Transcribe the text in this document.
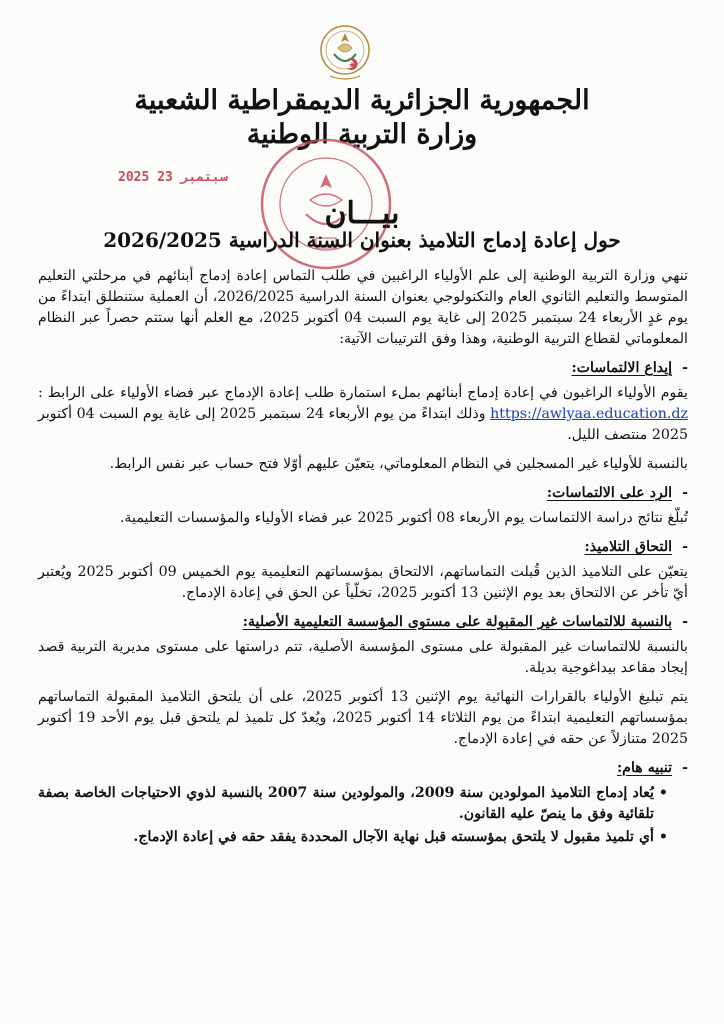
الجمهورية الجزائرية الديمقراطية الشعبية
وزارة التربية الوطنية
2025 سبتمبر 23
بيـــان
حول إعادة إدماج التلاميذ بعنوان السنة الدراسية 2026/2025

تنهي وزارة التربية الوطنية إلى علم الأولياء الراغبين في طلب التماس إعادة إدماج أبنائهم في مرحلتي التعليم المتوسط والتعليم الثانوي العام والتكنولوجي بعنوان السنة الدراسية 2026/2025، أن العملية ستنطلق ابتداءً من يوم غدٍ الأربعاء 24 سبتمبر 2025 إلى غاية يوم السبت 04 أكتوبر 2025، مع العلم أنها ستتم حصراً عبر النظام المعلوماتي لقطاع التربية الوطنية، وهذا وفق الترتيبات الآتية:

-إيداع الالتماسات:

يقوم الأولياء الراغبون في إعادة إدماج أبنائهم بملء استمارة طلب إعادة الإدماج عبر فضاء الأولياء على الرابط : https://awlyaa.education.dz وذلك ابتداءً من يوم الأربعاء 24 سبتمبر 2025 إلى غاية يوم السبت 04 أكتوبر 2025 منتصف الليل.

بالنسبة للأولياء غير المسجلين في النظام المعلوماتي، يتعيّن عليهم أوّلا فتح حساب عبر نفس الرابط.

-الرد على الالتماسات:

تُبلّغ نتائج دراسة الالتماسات يوم الأربعاء 08 أكتوبر 2025 عبر فضاء الأولياء والمؤسسات التعليمية.

-التحاق التلاميذ:

يتعيّن على التلاميذ الذين قُبلت التماساتهم، الالتحاق بمؤسساتهم التعليمية يوم الخميس 09 أكتوبر 2025 ويُعتبر أيّ تأخر عن الالتحاق بعد يوم الإثنين 13 أكتوبر 2025، تخلّياً عن الحق في إعادة الإدماج.

-بالنسبة للالتماسات غير المقبولة على مستوى المؤسسة التعليمية الأصلية:

بالنسبة للالتماسات غير المقبولة على مستوى المؤسسة الأصلية، تتم دراستها على مستوى مديرية التربية قصد إيجاد مقاعد بيداغوجية بديلة.

يتم تبليغ الأولياء بالقرارات النهائية يوم الإثنين 13 أكتوبر 2025، على أن يلتحق التلاميذ المقبولة التماساتهم بمؤسساتهم التعليمية ابتداءً من يوم الثلاثاء 14 أكتوبر 2025، ويُعدّ كل تلميذ لم يلتحق قبل يوم الأحد 19 أكتوبر 2025 متنازلاً عن حقه في إعادة الإدماج.

-تنبيه هام:
• يُعاد إدماج التلاميذ المولودين سنة 2009، والمولودين سنة 2007 بالنسبة لذوي الاحتياجات الخاصة بصفة تلقائية وفق ما ينصّ عليه القانون.
• أي تلميذ مقبول لا يلتحق بمؤسسته قبل نهاية الآجال المحددة يفقد حقه في إعادة الإدماج.
